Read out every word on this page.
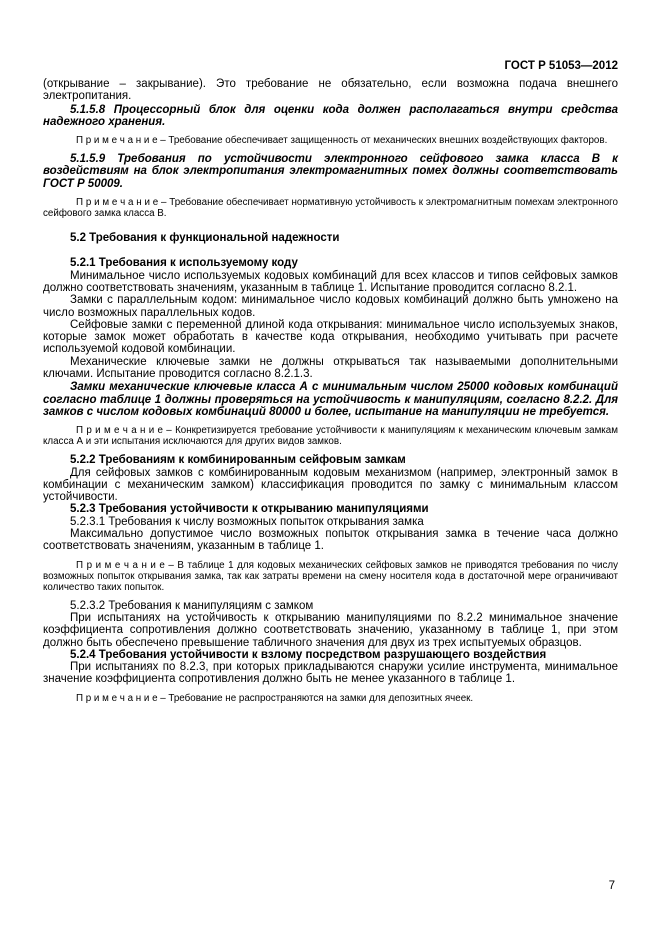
ГОСТ Р 51053—2012

(открывание – закрывание). Это требование не обязательно, если возможна подача внешнего электропитания.

5.1.5.8 Процессорный блок для оценки кода должен располагаться внутри средства надежного хранения.

П р и м е ч а н и е – Требование обеспечивает защищенность от механических внешних воздействующих факторов.

5.1.5.9 Требования по устойчивости электронного сейфового замка класса В к воздействиям на блок электропитания электромагнитных помех должны соответствовать ГОСТ Р 50009.

П р и м е ч а н и е – Требование обеспечивает нормативную устойчивость к электромагнитным помехам электронного сейфового замка класса В.

5.2 Требования к функциональной надежности

5.2.1 Требования к используемому коду

Минимальное число используемых кодовых комбинаций для всех классов и типов сейфовых замков должно соответствовать значениям, указанным в таблице 1. Испытание проводится согласно 8.2.1.

Замки с параллельным кодом: минимальное число кодовых комбинаций должно быть умножено на число возможных параллельных кодов.

Сейфовые замки с переменной длиной кода открывания: минимальное число используемых знаков, которые замок может обработать в качестве кода открывания, необходимо учитывать при расчете используемой кодовой комбинации.

Механические ключевые замки не должны открываться так называемыми дополнительными ключами. Испытание проводится согласно 8.2.1.3.

Замки механические ключевые класса А с минимальным числом 25000 кодовых комбинаций согласно таблице 1 должны проверяться на устойчивость к манипуляциям, согласно 8.2.2. Для замков с числом кодовых комбинаций 80000 и более, испытание на манипуляции не требуется.

П р и м е ч а н и е – Конкретизируется требование устойчивости к манипуляциям к механическим ключевым замкам класса А и эти испытания исключаются для других видов замков.

5.2.2 Требованиям к комбинированным сейфовым замкам

Для сейфовых замков с комбинированным кодовым механизмом (например, электронный замок в комбинации с механическим замком) классификация проводится по замку с минимальным классом устойчивости.

5.2.3 Требования устойчивости к открыванию манипуляциями

5.2.3.1 Требования к числу возможных попыток открывания замка

Максимально допустимое число возможных попыток открывания замка в течение часа должно соответствовать значениям, указанным в таблице 1.

П р и м е ч а н и е – В таблице 1 для кодовых механических сейфовых замков не приводятся требования по числу возможных попыток открывания замка, так как затраты времени на смену носителя кода в достаточной мере ограничивают количество таких попыток.

5.2.3.2 Требования к манипуляциям с замком

При испытаниях на устойчивость к открыванию манипуляциями по 8.2.2 минимальное значение коэффициента сопротивления должно соответствовать значению, указанному в таблице 1, при этом должно быть обеспечено превышение табличного значения для двух из трех испытуемых образцов.

5.2.4 Требования устойчивости к взлому посредством разрушающего воздействия

При испытаниях по 8.2.3, при которых прикладываются снаружи усилие инструмента, минимальное значение коэффициента сопротивления должно быть не менее указанного в таблице 1.

П р и м е ч а н и е – Требование не распространяются на замки для депозитных ячеек.

7
